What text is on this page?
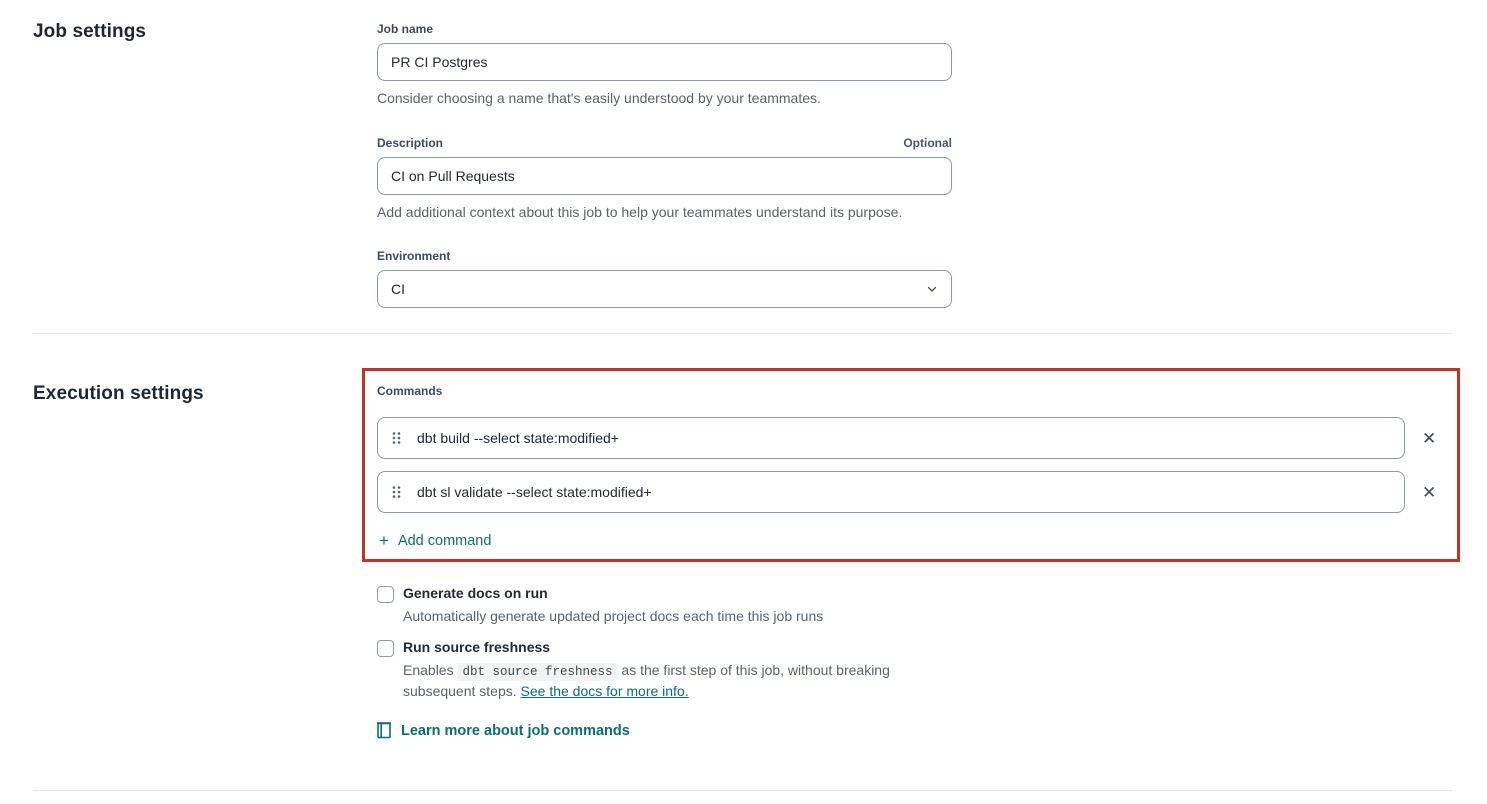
Job settings	Job name
PR CI Postgres
Consider choosing a name that's easily understood by your teammates.
Description	Optional
CI on Pull Requests
Add additional context about this job to help your teammates understand its purpose.
Environment
CI
Execution settings	Commands
dbt build --select state:modified+	✕
dbt sl validate --select state:modified+	✕
+ Add command
Generate docs on run
Automatically generate updated project docs each time this job runs
Run source freshness
Enables dbt source freshness as the first step of this job, without breaking subsequent steps. See the docs for more info.
Learn more about job commands
